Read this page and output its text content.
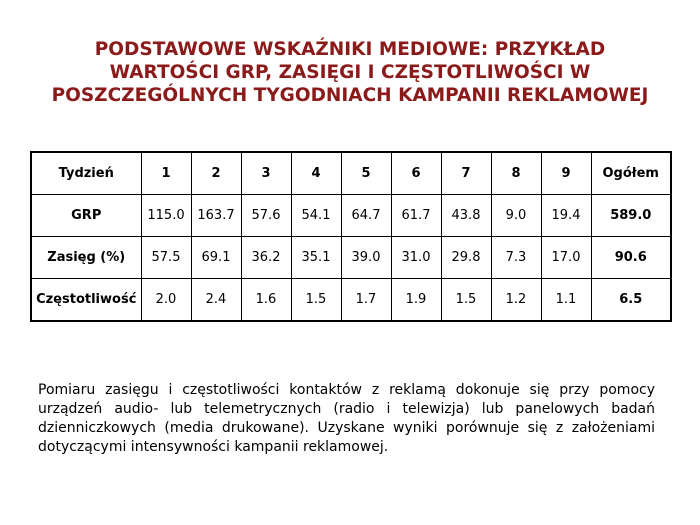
PODSTAWOWE WSKAŹNIKI MEDIOWE: PRZYKŁAD
WARTOŚCI GRP, ZASIĘGI I CZĘSTOTLIWOŚCI W
POSZCZEGÓLNYCH TYGODNIACH KAMPANII REKLAMOWEJ
Tydzień	1	2	3	4	5	6	7	8	9	Ogółem
GRP	115.0	163.7	57.6	54.1	64.7	61.7	43.8	9.0	19.4	589.0
Zasięg (%)	57.5	69.1	36.2	35.1	39.0	31.0	29.8	7.3	17.0	90.6
Częstotliwość	2.0	2.4	1.6	1.5	1.7	1.9	1.5	1.2	1.1	6.5

Pomiaru zasięgu i częstotliwości kontaktów z reklamą dokonuje się przy pomocy urządzeń audio- lub telemetrycznych (radio i telewizja) lub panelowych badań dzienniczkowych (media drukowane). Uzyskane wyniki porównuje się z założeniami dotyczącymi intensywności kampanii reklamowej.
